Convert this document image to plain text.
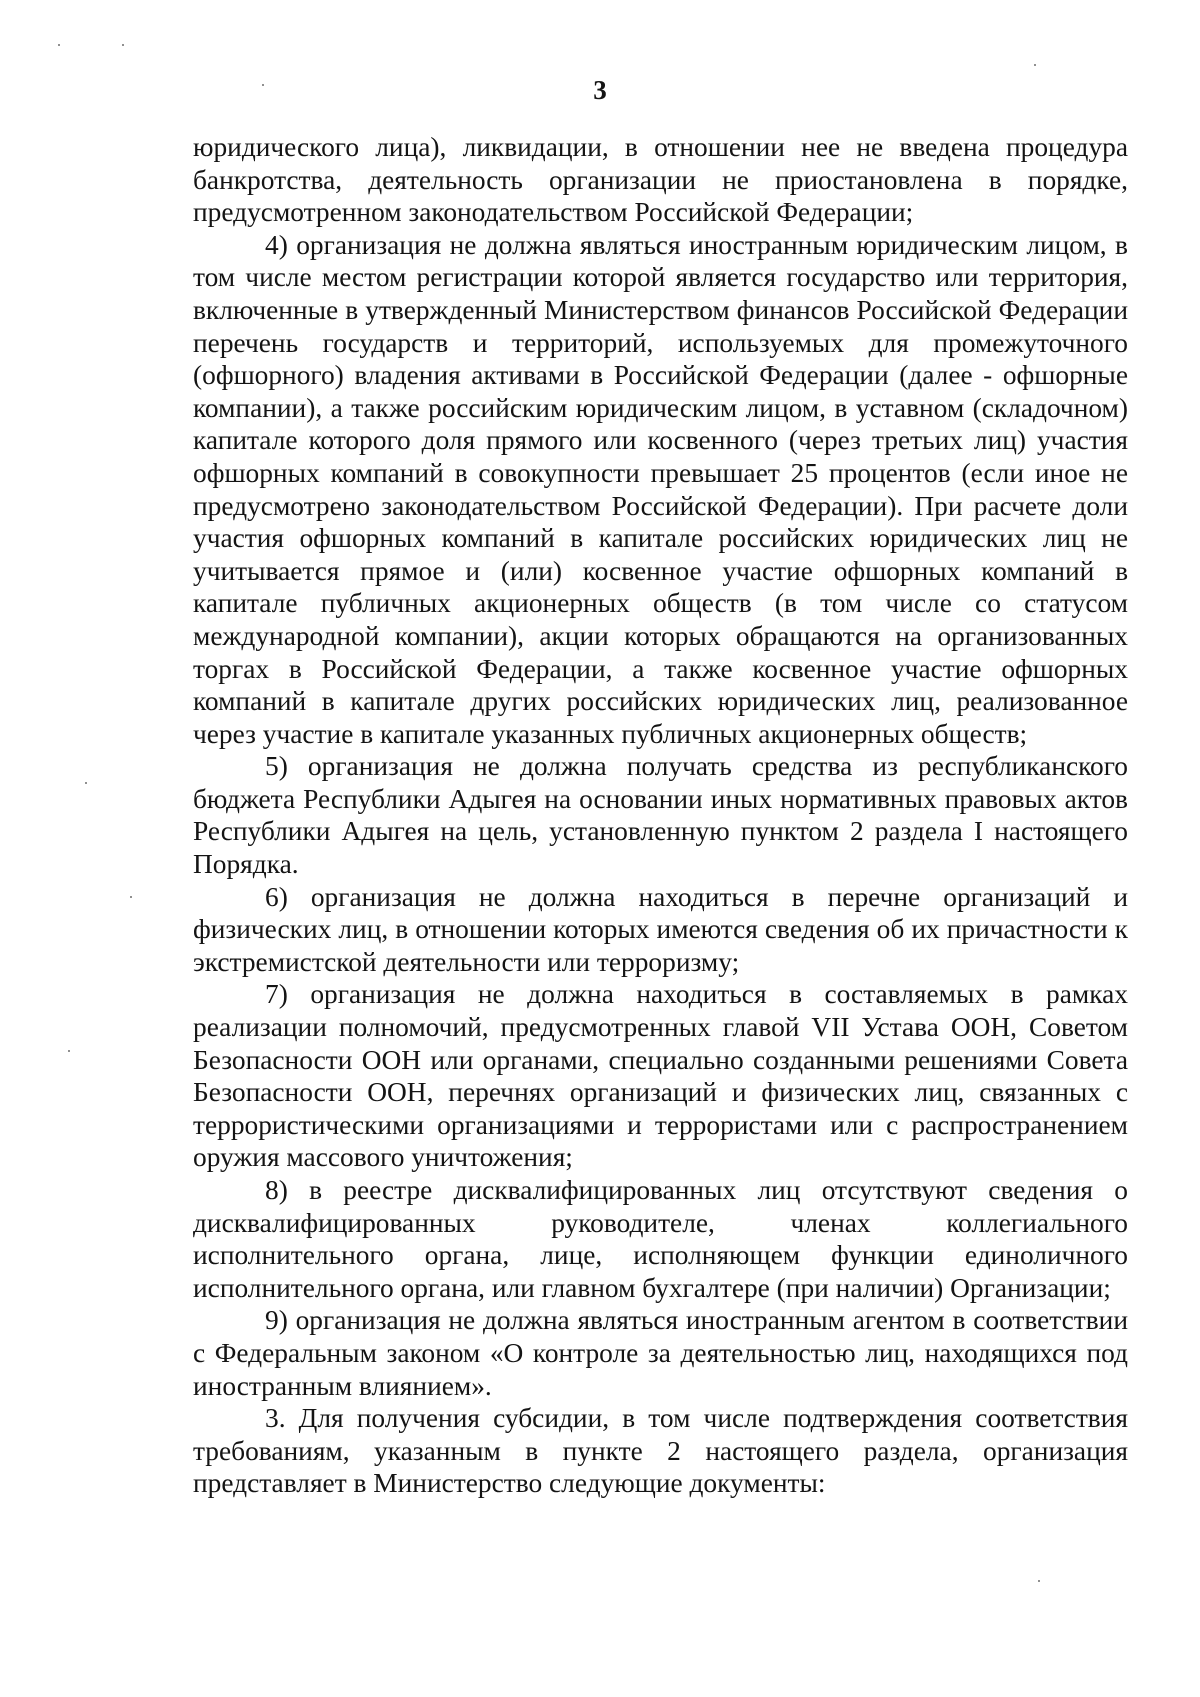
3

юридического лица), ликвидации, в отношении нее не введена процедура банкротства, деятельность организации не приостановлена в порядке, предусмотренном законодательством Российской Федерации;

4) организация не должна являться иностранным юридическим лицом, в том числе местом регистрации которой является государство или территория, включенные в утвержденный Министерством финансов Российской Федерации перечень государств и территорий, используемых для промежуточного (офшорного) владения активами в Российской Федерации (далее - офшорные компании), а также российским юридическим лицом, в уставном (складочном) капитале которого доля прямого или косвенного (через третьих лиц) участия офшорных компаний в совокупности превышает 25 процентов (если иное не предусмотрено законодательством Российской Федерации). При расчете доли участия офшорных компаний в капитале российских юридических лиц не учитывается прямое и (или) косвенное участие офшорных компаний в капитале публичных акционерных обществ (в том числе со статусом международной компании), акции которых обращаются на организованных торгах в Российской Федерации, а также косвенное участие офшорных компаний в капитале других российских юридических лиц, реализованное через участие в капитале указанных публичных акционерных обществ;

5) организация не должна получать средства из республиканского бюджета Республики Адыгея на основании иных нормативных правовых актов Республики Адыгея на цель, установленную пунктом 2 раздела I настоящего Порядка.

6) организация не должна находиться в перечне организаций и физических лиц, в отношении которых имеются сведения об их причастности к экстремистской деятельности или терроризму;

7) организация не должна находиться в составляемых в рамках реализации полномочий, предусмотренных главой VII Устава ООН, Советом Безопасности ООН или органами, специально созданными решениями Совета Безопасности ООН, перечнях организаций и физических лиц, связанных с террористическими организациями и террористами или с распространением оружия массового уничтожения;

8) в реестре дисквалифицированных лиц отсутствуют сведения о дисквалифицированных руководителе, членах коллегиального исполнительного органа, лице, исполняющем функции единоличного исполнительного органа, или главном бухгалтере (при наличии) Организации;

9) организация не должна являться иностранным агентом в соответствии с Федеральным законом «О контроле за деятельностью лиц, находящихся под иностранным влиянием».

3. Для получения субсидии, в том числе подтверждения соответствия требованиям, указанным в пункте 2 настоящего раздела, организация представляет в Министерство следующие документы:
